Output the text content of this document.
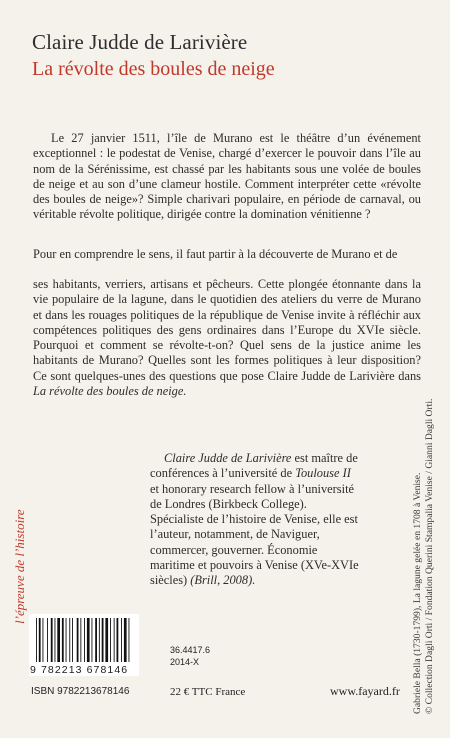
Claire Judde de Larivière
La révolte des boules de neige

Le 27 janvier 1511, l’île de Murano est le théâtre d’un événement exceptionnel : le podestat de Venise, chargé d’exercer le pouvoir dans l’île au nom de la Sérénissime, est chassé par les habitants sous une volée de boules de neige et au son d’une clameur hostile. Comment interpréter cette «révolte des boules de neige»? Simple charivari populaire, en période de carnaval, ou véritable révolte politique, dirigée contre la domination vénitienne ?

Pour en comprendre le sens, il faut partir à la découverte de Murano et de

ses habitants, verriers, artisans et pêcheurs. Cette plongée étonnante dans la vie populaire de la lagune, dans le quotidien des ateliers du verre de Murano et dans les rouages politiques de la république de Venise invite à réfléchir aux compétences politiques des gens ordinaires dans l’Europe du XVIe siècle. Pourquoi et comment se révolte-t-on? Quel sens de la justice anime les habitants de Murano? Quelles sont les formes politiques à leur disposition? Ce sont quelques-unes des questions que pose Claire Judde de Larivière dans La révolte des boules de neige.

Claire Judde de Larivière est maître de conférences à l’université de Toulouse II et honorary research fellow à l’université de Londres (Birkbeck College). Spécialiste de l’histoire de Venise, elle est l’auteur, notamment, de Naviguer, commercer, gouverner. Économie maritime et pouvoirs à Venise (XVe-XVIe siècles) (Brill, 2008).

l’épreuve de l’histoire	Gabriele Bella (1730-1799), La lagune gelée en 1708 à Venise. © Collection Dagli Orti / Fondation Querini Stampalia Venise / Gianni Dagli Orti.
9 782213 678146
ISBN 9782213678146
36.4417.6
2014-X
22 € TTC France	www.fayard.fr
